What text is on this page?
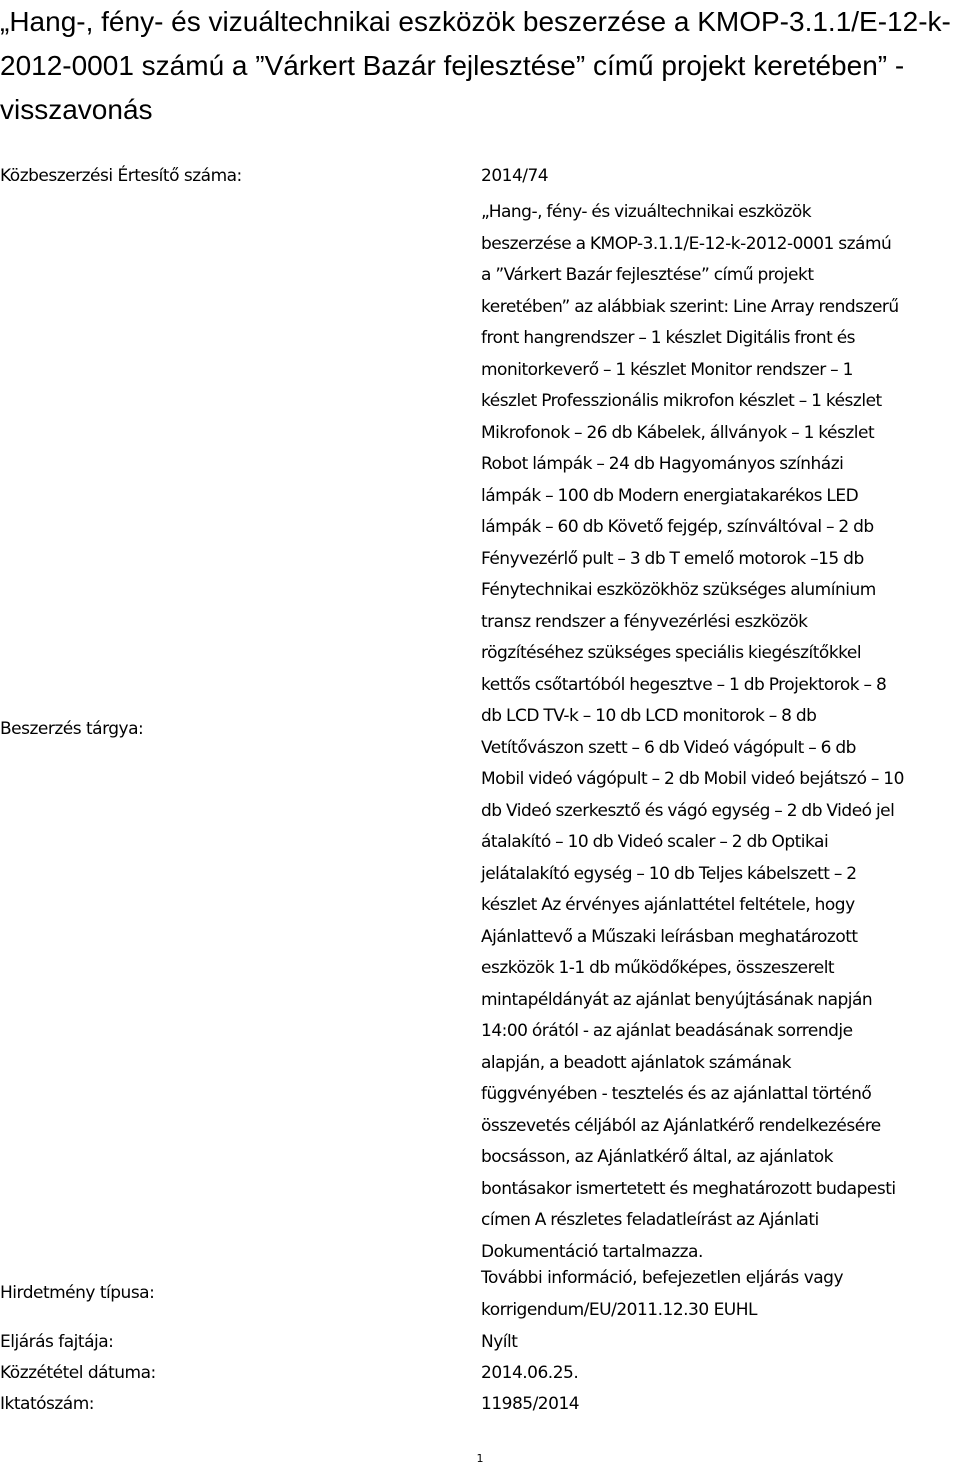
„Hang-, fény- és vizuáltechnikai eszközök beszerzése a KMOP-3.1.1/E-12-k-2012-0001 számú a ”Várkert Bazár fejlesztése” című projekt keretében” - visszavonás
Közbeszerzési Értesítő száma:	2014/74
Beszerzés tárgya:
„Hang-, fény- és vizuáltechnikai eszközök
beszerzése a KMOP-3.1.1/E-12-k-2012-0001 számú
a ”Várkert Bazár fejlesztése” című projekt
keretében” az alábbiak szerint: Line Array rendszerű
front hangrendszer – 1 készlet Digitális front és
monitorkeverő – 1 készlet Monitor rendszer – 1
készlet Professzionális mikrofon készlet – 1 készlet
Mikrofonok – 26 db Kábelek, állványok – 1 készlet
Robot lámpák – 24 db Hagyományos színházi
lámpák – 100 db Modern energiatakarékos LED
lámpák – 60 db Követő fejgép, színváltóval – 2 db
Fényvezérlő pult – 3 db T emelő motorok –15 db
Fénytechnikai eszközökhöz szükséges alumínium
transz rendszer a fényvezérlési eszközök
rögzítéséhez szükséges speciális kiegészítőkkel
kettős csőtartóból hegesztve – 1 db Projektorok – 8
db LCD TV-k – 10 db LCD monitorok – 8 db
Vetítővászon szett – 6 db Videó vágópult – 6 db
Mobil videó vágópult – 2 db Mobil videó bejátszó – 10
db Videó szerkesztő és vágó egység – 2 db Videó jel
átalakító – 10 db Videó scaler – 2 db Optikai
jelátalakító egység – 10 db Teljes kábelszett – 2
készlet Az érvényes ajánlattétel feltétele, hogy
Ajánlattevő a Műszaki leírásban meghatározott
eszközök 1-1 db működőképes, összeszerelt
mintapéldányát az ajánlat benyújtásának napján
14:00 órától - az ajánlat beadásának sorrendje
alapján, a beadott ajánlatok számának
függvényében - tesztelés és az ajánlattal történő
összevetés céljából az Ajánlatkérő rendelkezésére
bocsásson, az Ajánlatkérő által, az ajánlatok
bontásakor ismertetett és meghatározott budapesti
címen A részletes feladatleírást az Ajánlati
Dokumentáció tartalmazza.
Hirdetmény típusa:
További információ, befejezetlen eljárás vagy
korrigendum/EU/2011.12.30 EUHL
Eljárás fajtája:	Nyílt
Közzététel dátuma:	2014.06.25.
Iktatószám:	11985/2014
1
